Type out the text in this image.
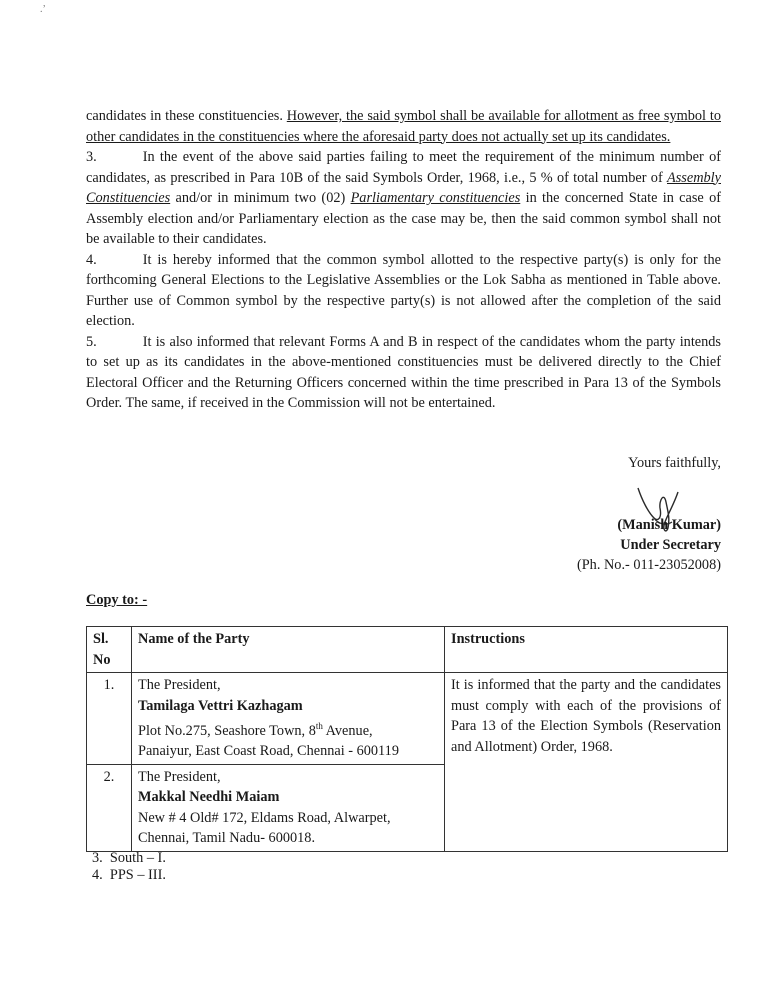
.ʼ

candidates in these constituencies. However, the said symbol shall be available for allotment as free symbol to other candidates in the constituencies where the aforesaid party does not actually set up its candidates.

3.	In the event of the above said parties failing to meet the requirement of the minimum number of candidates, as prescribed in Para 10B of the said Symbols Order, 1968, i.e., 5 % of total number of Assembly Constituencies and/or in minimum two (02) Parliamentary constituencies in the concerned State in case of Assembly election and/or Parliamentary election as the case may be, then the said common symbol shall not be available to their candidates.

4.	It is hereby informed that the common symbol allotted to the respective party(s) is only for the forthcoming General Elections to the Legislative Assemblies or the Lok Sabha as mentioned in Table above. Further use of Common symbol by the respective party(s) is not allowed after the completion of the said election.

5.	It is also informed that relevant Forms A and B in respect of the candidates whom the party intends to set up as its candidates in the above-mentioned constituencies must be delivered directly to the Chief Electoral Officer and the Returning Officers concerned within the time prescribed in Para 13 of the Symbols Order. The same, if received in the Commission will not be entertained.

Yours faithfully,
(Manish Kumar)
Under Secretary
(Ph. No.- 011-23052008)
Copy to: -
Sl. No	Name of the Party	Instructions
1.	The President,
Tamilaga Vettri Kazhagam
Plot No.275, Seashore Town, 8th Avenue,
Panaiyur, East Coast Road, Chennai - 600119	It is informed that the party and the candidates must comply with each of the provisions of Para 13 of the Election Symbols (Reservation and Allotment) Order, 1968.
2.	The President,
Makkal Needhi Maiam
New # 4 Old# 172, Eldams Road, Alwarpet,
Chennai, Tamil Nadu- 600018.	
3. South – I.
4. PPS – III.
